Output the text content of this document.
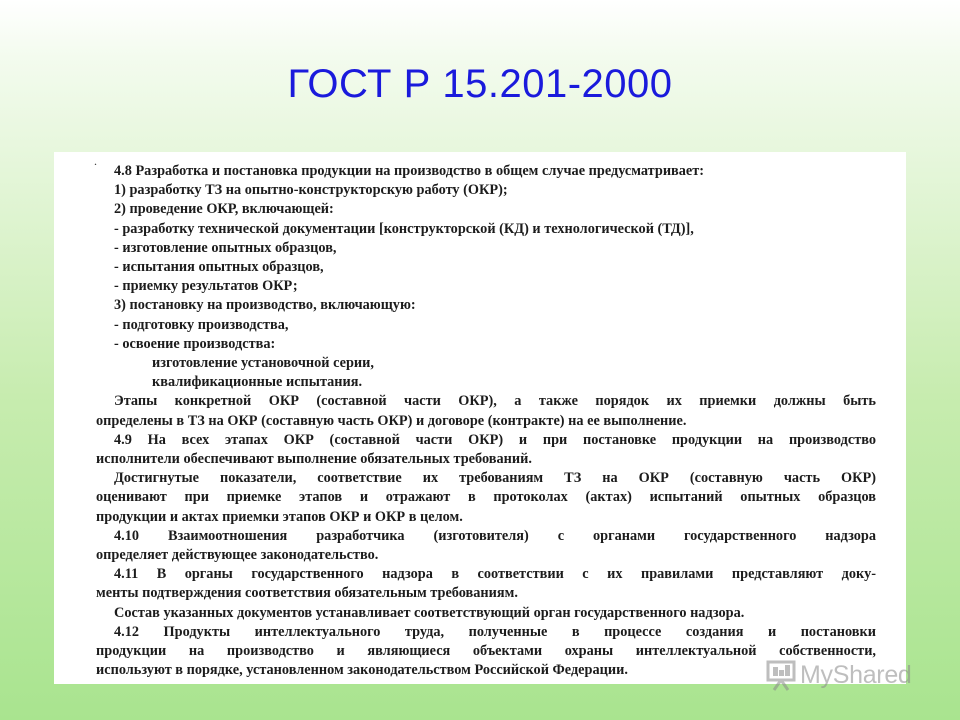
ГОСТ Р 15.201-2000
.
4.8 Разработка и постановка продукции на производство в общем случае предусматривает:
1) разработку ТЗ на опытно-конструкторскую работу (ОКР);
2) проведение ОКР, включающей:
- разработку технической документации [конструкторской (КД) и технологической (ТД)],
- изготовление опытных образцов,
- испытания опытных образцов,
- приемку результатов ОКР;
3) постановку на производство, включающую:
- подготовку производства,
- освоение производства:
изготовление установочной серии,
квалификационные испытания.
Этапы конкретной ОКР (составной части ОКР), а также порядок их приемки должны быть
определены в ТЗ на ОКР (составную часть ОКР) и договоре (контракте) на ее выполнение.
4.9 На всех этапах ОКР (составной части ОКР) и при постановке продукции на производство
исполнители обеспечивают выполнение обязательных требований.
Достигнутые показатели, соответствие их требованиям ТЗ на ОКР (составную часть ОКР)
оценивают при приемке этапов и отражают в протоколах (актах) испытаний опытных образцов
продукции и актах приемки этапов ОКР и ОКР в целом.
4.10 Взаимоотношения разработчика (изготовителя) с органами государственного надзора
определяет действующее законодательство.
4.11 В органы государственного надзора в соответствии с их правилами представляют доку-
менты подтверждения соответствия обязательным требованиям.
Состав указанных документов устанавливает соответствующий орган государственного надзора.
4.12 Продукты интеллектуального труда, полученные в процессе создания и постановки
продукции на производство и являющиеся объектами охраны интеллектуальной собственности,
используют в порядке, установленном законодательством Российской Федерации.	MyShared
